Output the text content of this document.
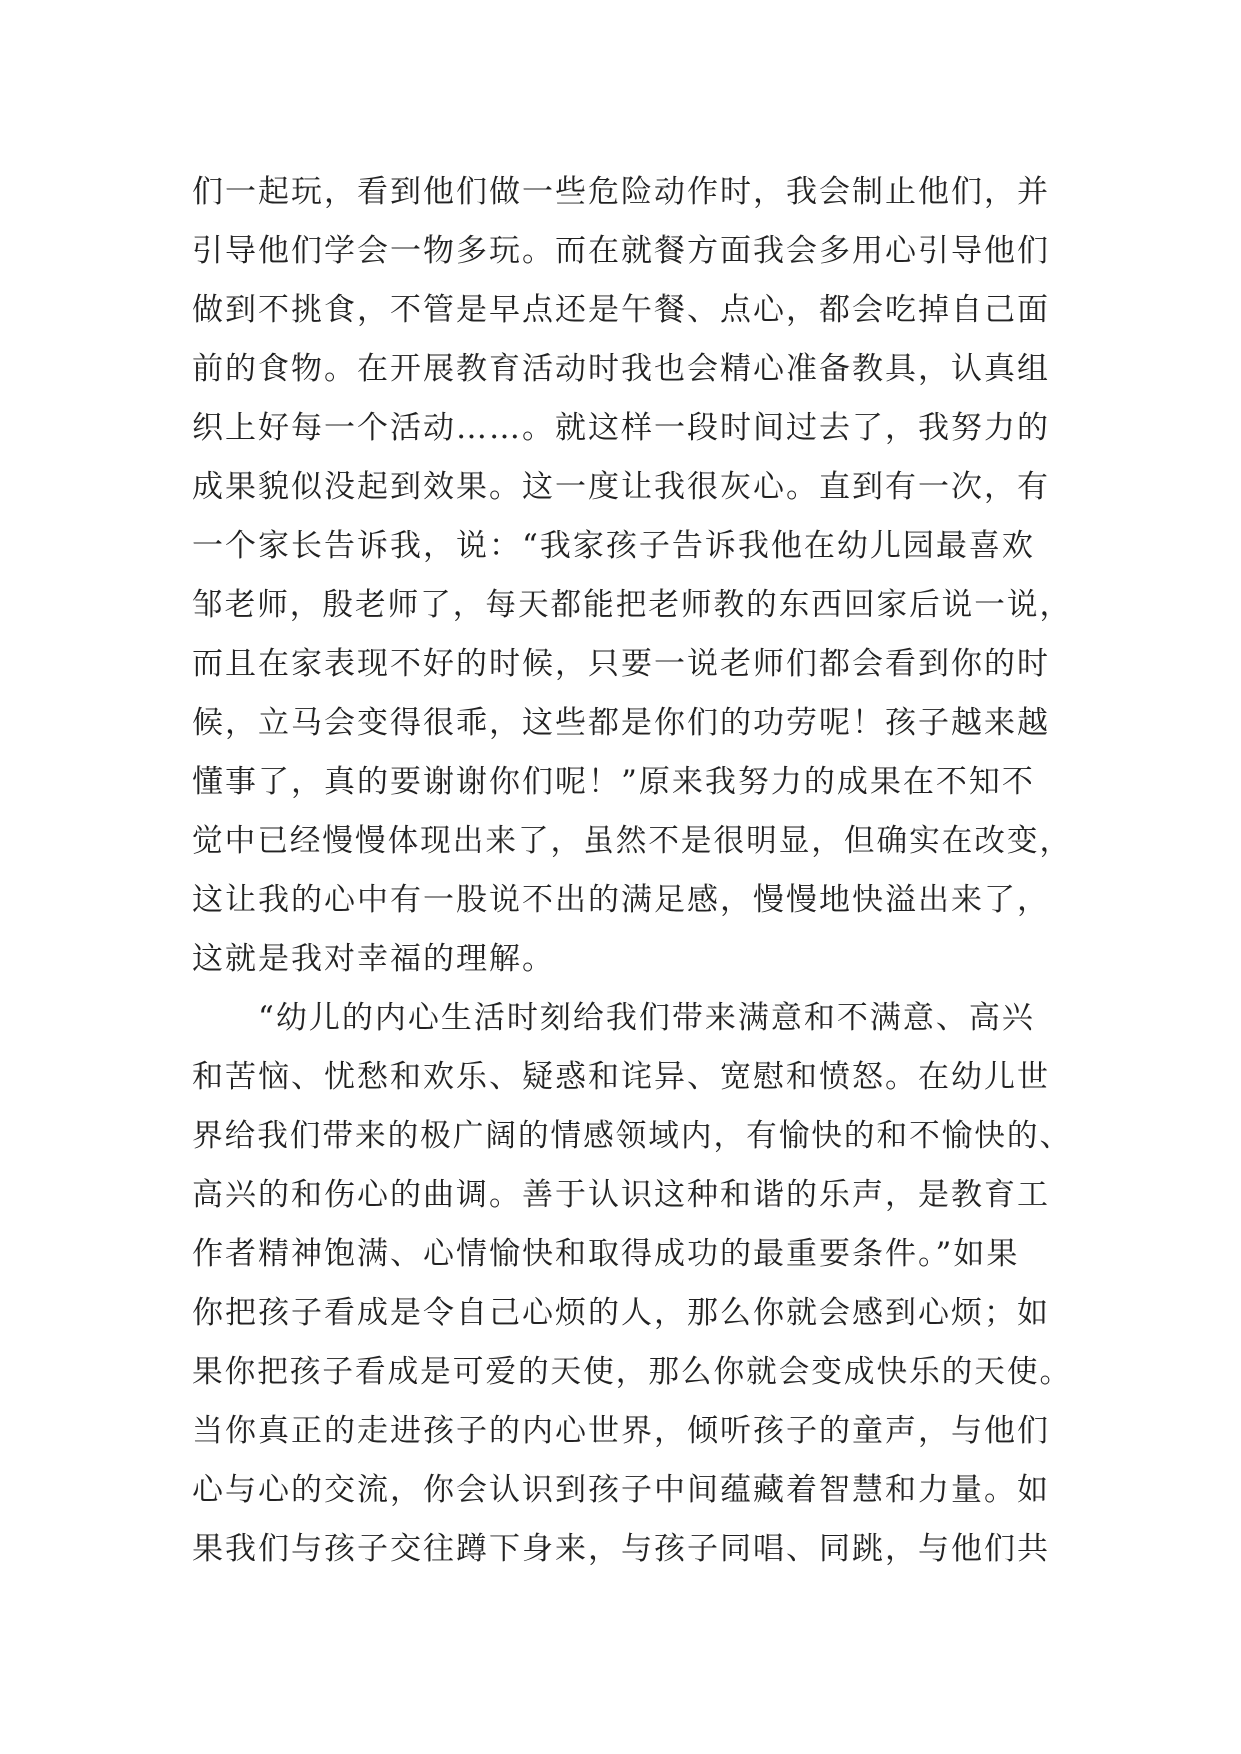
们一起玩，看到他们做一些危险动作时，我会制止他们，并
引导他们学会一物多玩。而在就餐方面我会多用心引导他们
做到不挑食，不管是早点还是午餐、点心，都会吃掉自己面
前的食物。在开展教育活动时我也会精心准备教具，认真组
织上好每一个活动……。就这样一段时间过去了，我努力的
成果貌似没起到效果。这一度让我很灰心。直到有一次，有
一个家长告诉我，说：“我家孩子告诉我他在幼儿园最喜欢
邹老师，殷老师了，每天都能把老师教的东西回家后说一说，
而且在家表现不好的时候，只要一说老师们都会看到你的时
候，立马会变得很乖，这些都是你们的功劳呢！孩子越来越
懂事了，真的要谢谢你们呢！”原来我努力的成果在不知不
觉中已经慢慢体现出来了，虽然不是很明显，但确实在改变，
这让我的心中有一股说不出的满足感，慢慢地快溢出来了，
这就是我对幸福的理解。
“幼儿的内心生活时刻给我们带来满意和不满意、高兴
和苦恼、忧愁和欢乐、疑惑和诧异、宽慰和愤怒。在幼儿世
界给我们带来的极广阔的情感领域内，有愉快的和不愉快的、
高兴的和伤心的曲调。善于认识这种和谐的乐声，是教育工
作者精神饱满、心情愉快和取得成功的最重要条件。”如果
你把孩子看成是令自己心烦的人，那么你就会感到心烦；如
果你把孩子看成是可爱的天使，那么你就会变成快乐的天使。
当你真正的走进孩子的内心世界，倾听孩子的童声，与他们
心与心的交流，你会认识到孩子中间蕴藏着智慧和力量。如
果我们与孩子交往蹲下身来，与孩子同唱、同跳，与他们共
